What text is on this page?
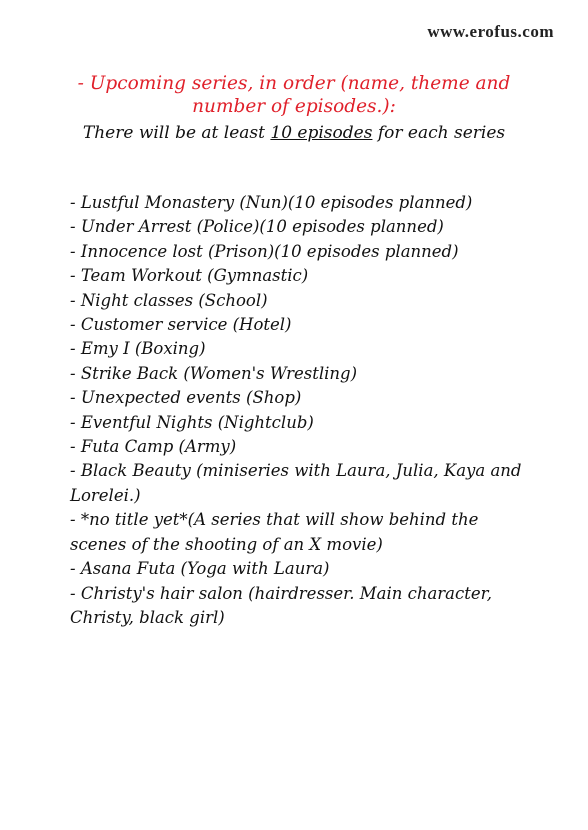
www.erofus.com
- Upcoming series, in order (name, theme and number of episodes.):
There will be at least 10 episodes for each series
- Lustful Monastery (Nun)(10 episodes planned)
- Under Arrest (Police)(10 episodes planned)
- Innocence lost (Prison)(10 episodes planned)
- Team Workout (Gymnastic)
- Night classes (School)
- Customer service (Hotel)
- Emy I (Boxing)
- Strike Back (Women's Wrestling)
- Unexpected events (Shop)
- Eventful Nights (Nightclub)
- Futa Camp (Army)
- Black Beauty (miniseries with Laura, Julia, Kaya and Lorelei.)
- *no title yet*(A series that will show behind the scenes of the shooting of an X movie)
- Asana Futa (Yoga with Laura)
- Christy's hair salon (hairdresser. Main character, Christy, black girl)
